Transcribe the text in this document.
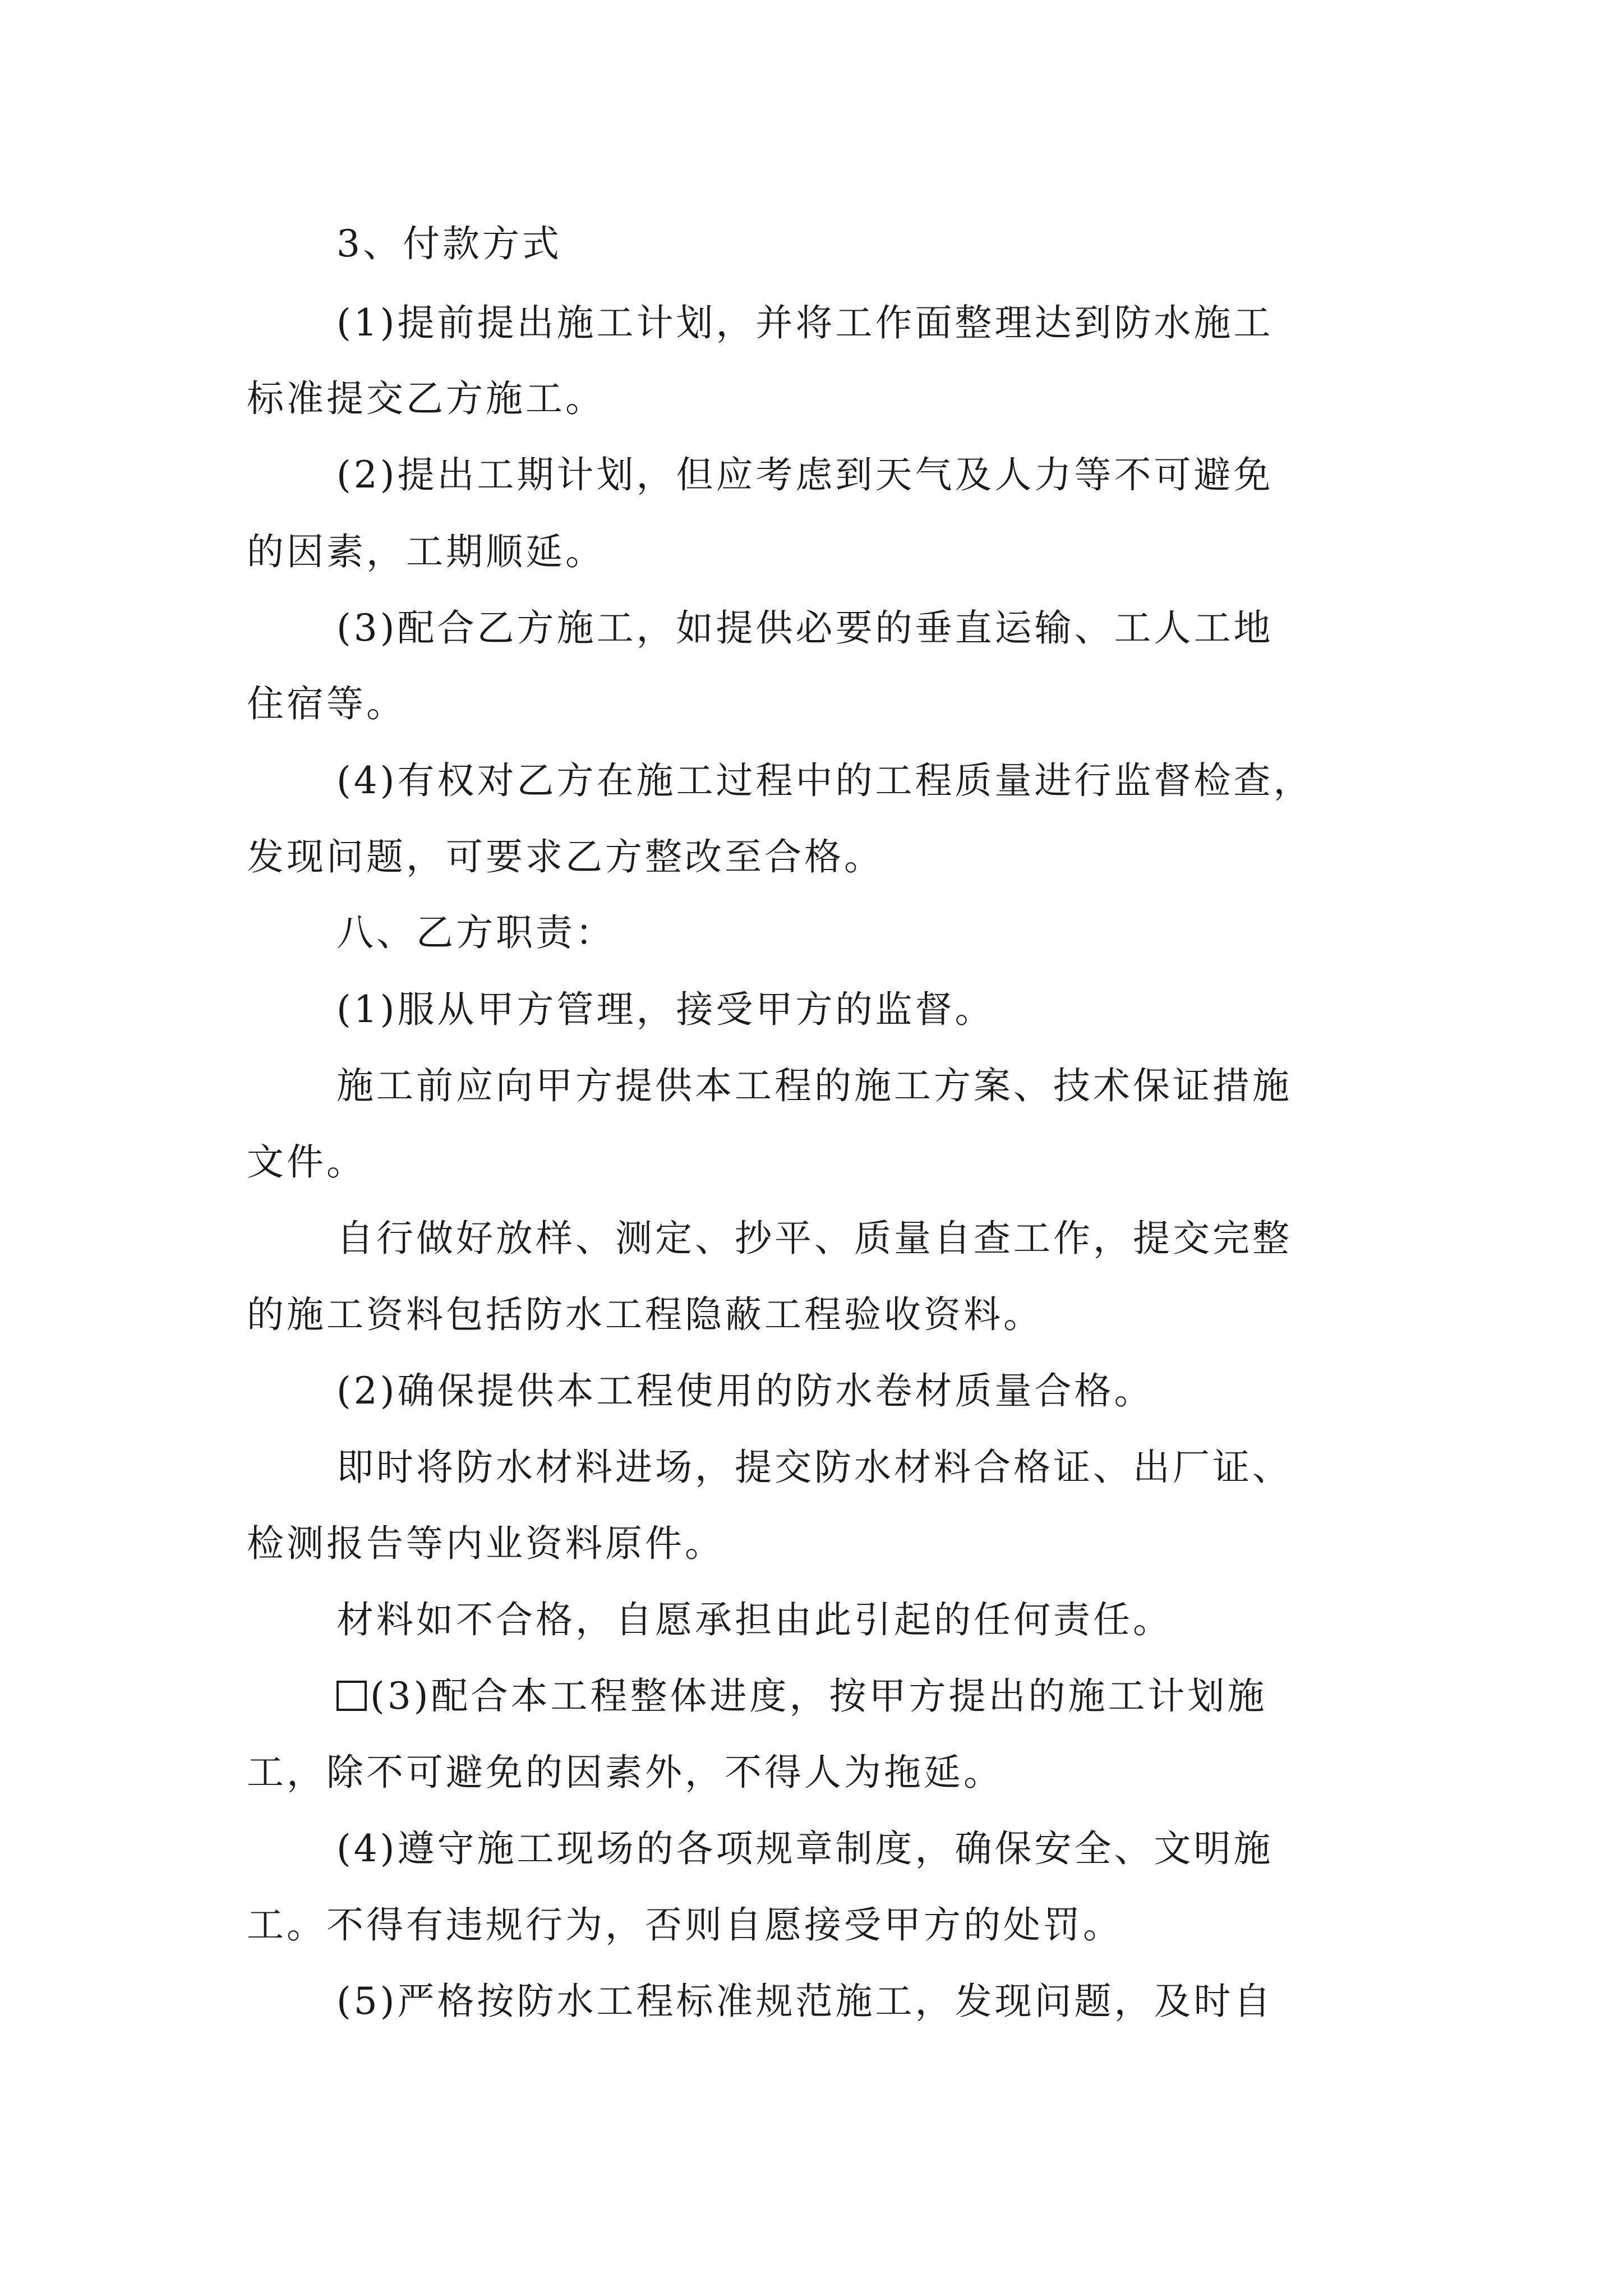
3、付款方式

(1)提前提出施工计划，并将工作面整理达到防水施工

标准提交乙方施工。

(2)提出工期计划，但应考虑到天气及人力等不可避免

的因素，工期顺延。

(3)配合乙方施工，如提供必要的垂直运输、工人工地

住宿等。

(4)有权对乙方在施工过程中的工程质量进行监督检查，

发现问题，可要求乙方整改至合格。

八、乙方职责：

(1)服从甲方管理，接受甲方的监督。

施工前应向甲方提供本工程的施工方案、技术保证措施

文件。

自行做好放样、测定、抄平、质量自查工作，提交完整

的施工资料包括防水工程隐蔽工程验收资料。

(2)确保提供本工程使用的防水卷材质量合格。

即时将防水材料进场，提交防水材料合格证、出厂证、

检测报告等内业资料原件。

材料如不合格，自愿承担由此引起的任何责任。

(3)配合本工程整体进度，按甲方提出的施工计划施

工，除不可避免的因素外，不得人为拖延。

(4)遵守施工现场的各项规章制度，确保安全、文明施

工。不得有违规行为，否则自愿接受甲方的处罚。

(5)严格按防水工程标准规范施工，发现问题，及时自
